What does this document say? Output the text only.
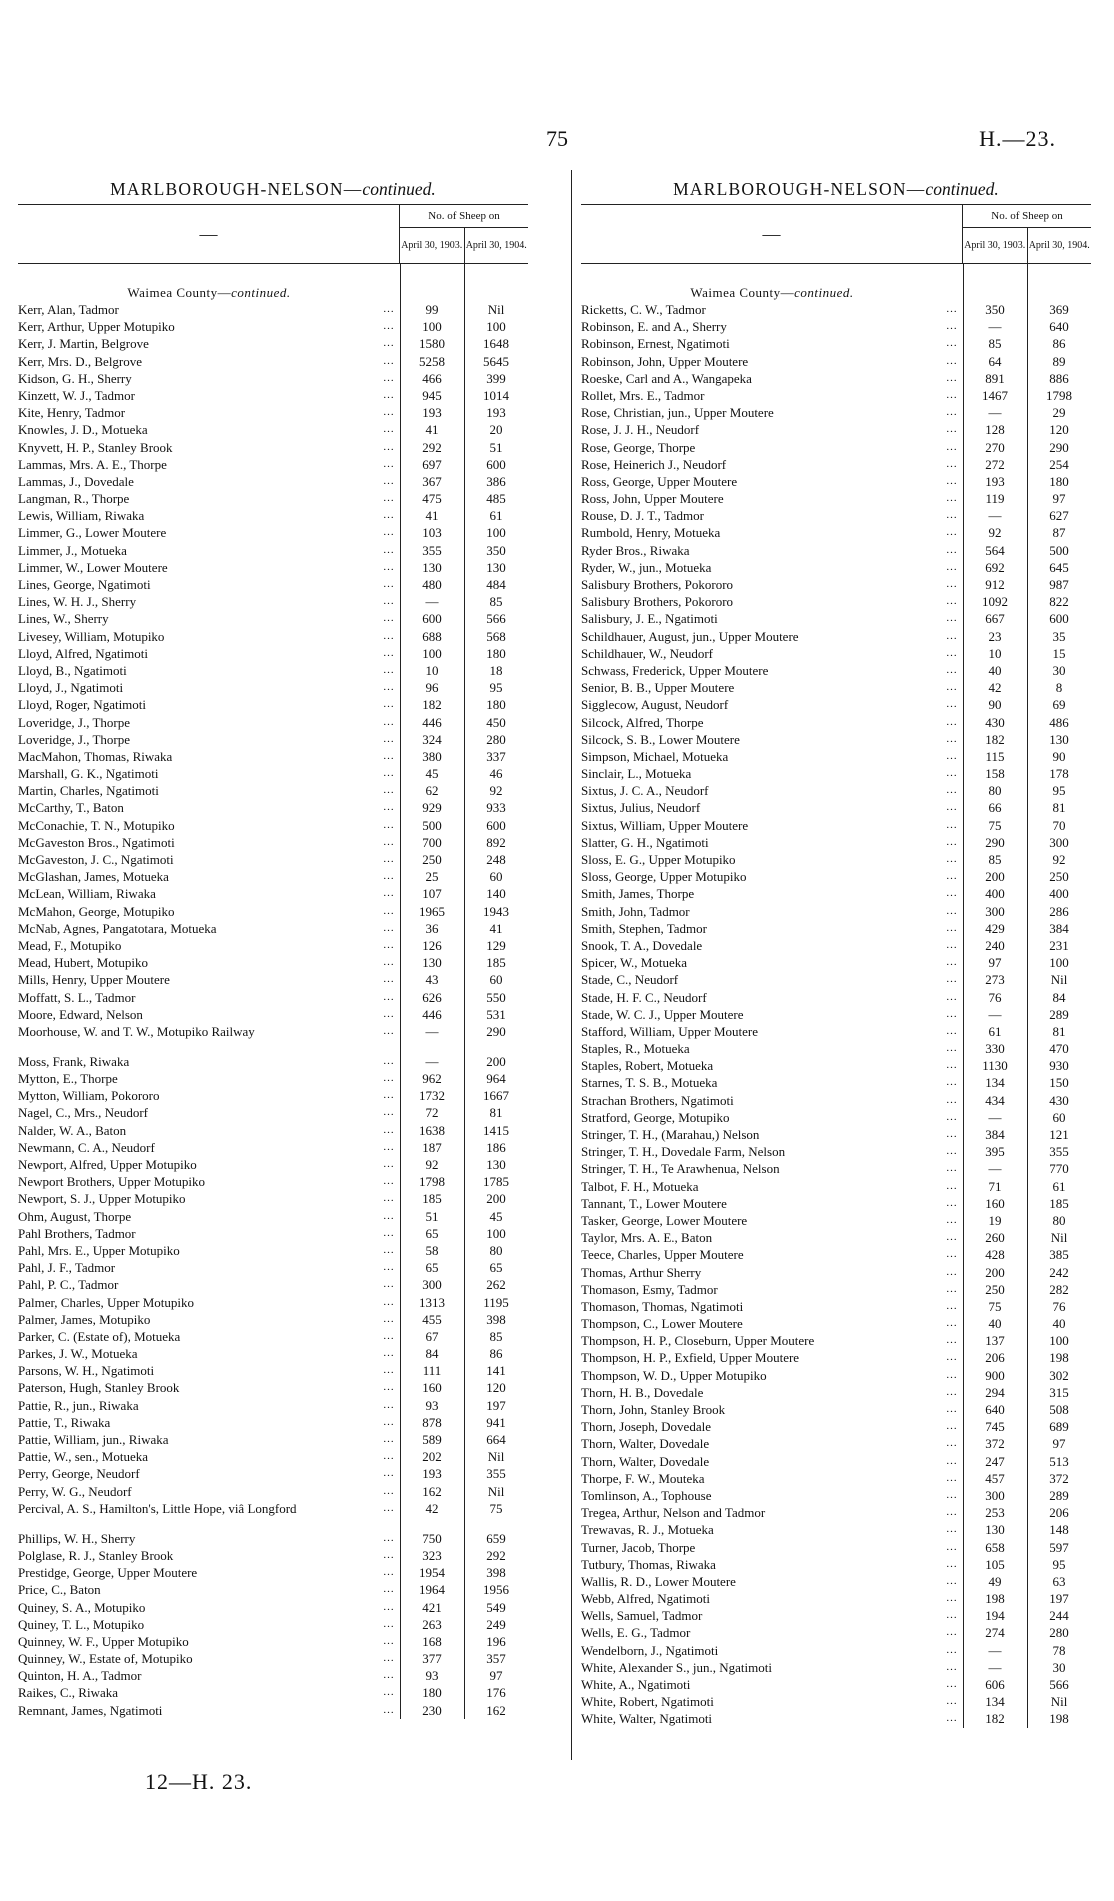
75	H.—23.
MARLBOROUGH-NELSON—continued.
—
No. of Sheep on
April 30, 1903. April 30, 1904.
Waimea County—continued.
Kerr, Alan, Tadmor	...	99	Nil
Kerr, Arthur, Upper Motupiko	...	100	100
Kerr, J. Martin, Belgrove	...	1580	1648
Kerr, Mrs. D., Belgrove	...	5258	5645
Kidson, G. H., Sherry	...	466	399
Kinzett, W. J., Tadmor	...	945	1014
Kite, Henry, Tadmor	...	193	193
Knowles, J. D., Motueka	...	41	20
Knyvett, H. P., Stanley Brook	...	292	51
Lammas, Mrs. A. E., Thorpe	...	697	600
Lammas, J., Dovedale	...	367	386
Langman, R., Thorpe	...	475	485
Lewis, William, Riwaka	...	41	61
Limmer, G., Lower Moutere	...	103	100
Limmer, J., Motueka	...	355	350
Limmer, W., Lower Moutere	...	130	130
Lines, George, Ngatimoti	...	480	484
Lines, W. H. J., Sherry	...	—	85
Lines, W., Sherry	...	600	566
Livesey, William, Motupiko	...	688	568
Lloyd, Alfred, Ngatimoti	...	100	180
Lloyd, B., Ngatimoti	...	10	18
Lloyd, J., Ngatimoti	...	96	95
Lloyd, Roger, Ngatimoti	...	182	180
Loveridge, J., Thorpe	...	446	450
Loveridge, J., Thorpe	...	324	280
MacMahon, Thomas, Riwaka	...	380	337
Marshall, G. K., Ngatimoti	...	45	46
Martin, Charles, Ngatimoti	...	62	92
McCarthy, T., Baton	...	929	933
McConachie, T. N., Motupiko	...	500	600
McGaveston Bros., Ngatimoti	...	700	892
McGaveston, J. C., Ngatimoti	...	250	248
McGlashan, James, Motueka	...	25	60
McLean, William, Riwaka	...	107	140
McMahon, George, Motupiko	...	1965	1943
McNab, Agnes, Pangatotara, Motueka	...	36	41
Mead, F., Motupiko	...	126	129
Mead, Hubert, Motupiko	...	130	185
Mills, Henry, Upper Moutere	...	43	60
Moffatt, S. L., Tadmor	...	626	550
Moore, Edward, Nelson	...	446	531
Moorhouse, W. and T. W., Motupiko Railway	...	—	290
Moss, Frank, Riwaka	...	—	200
Mytton, E., Thorpe	...	962	964
Mytton, William, Pokororo	...	1732	1667
Nagel, C., Mrs., Neudorf	...	72	81
Nalder, W. A., Baton	...	1638	1415
Newmann, C. A., Neudorf	...	187	186
Newport, Alfred, Upper Motupiko	...	92	130
Newport Brothers, Upper Motupiko	...	1798	1785
Newport, S. J., Upper Motupiko	...	185	200
Ohm, August, Thorpe	...	51	45
Pahl Brothers, Tadmor	...	65	100
Pahl, Mrs. E., Upper Motupiko	...	58	80
Pahl, J. F., Tadmor	...	65	65
Pahl, P. C., Tadmor	...	300	262
Palmer, Charles, Upper Motupiko	...	1313	1195
Palmer, James, Motupiko	...	455	398
Parker, C. (Estate of), Motueka	...	67	85
Parkes, J. W., Motueka	...	84	86
Parsons, W. H., Ngatimoti	...	111	141
Paterson, Hugh, Stanley Brook	...	160	120
Pattie, R., jun., Riwaka	...	93	197
Pattie, T., Riwaka	...	878	941
Pattie, William, jun., Riwaka	...	589	664
Pattie, W., sen., Motueka	...	202	Nil
Perry, George, Neudorf	...	193	355
Perry, W. G., Neudorf	...	162	Nil
Percival, A. S., Hamilton's, Little Hope, viâ Longford	...	42	75
Phillips, W. H., Sherry	...	750	659
Polglase, R. J., Stanley Brook	...	323	292
Prestidge, George, Upper Moutere	...	1954	398
Price, C., Baton	...	1964	1956
Quiney, S. A., Motupiko	...	421	549
Quiney, T. L., Motupiko	...	263	249
Quinney, W. F., Upper Motupiko	...	168	196
Quinney, W., Estate of, Motupiko	...	377	357
Quinton, H. A., Tadmor	...	93	97
Raikes, C., Riwaka	...	180	176
Remnant, James, Ngatimoti	...	230	162
MARLBOROUGH-NELSON—continued.
—
No. of Sheep on
April 30, 1903. April 30, 1904.
Waimea County—continued.
Ricketts, C. W., Tadmor	...	350	369
Robinson, E. and A., Sherry	...	—	640
Robinson, Ernest, Ngatimoti	...	85	86
Robinson, John, Upper Moutere	...	64	89
Roeske, Carl and A., Wangapeka	...	891	886
Rollet, Mrs. E., Tadmor	...	1467	1798
Rose, Christian, jun., Upper Moutere	...	—	29
Rose, J. J. H., Neudorf	...	128	120
Rose, George, Thorpe	...	270	290
Rose, Heinerich J., Neudorf	...	272	254
Ross, George, Upper Moutere	...	193	180
Ross, John, Upper Moutere	...	119	97
Rouse, D. J. T., Tadmor	...	—	627
Rumbold, Henry, Motueka	...	92	87
Ryder Bros., Riwaka	...	564	500
Ryder, W., jun., Motueka	...	692	645
Salisbury Brothers, Pokororo	...	912	987
Salisbury Brothers, Pokororo	...	1092	822
Salisbury, J. E., Ngatimoti	...	667	600
Schildhauer, August, jun., Upper Moutere	...	23	35
Schildhauer, W., Neudorf	...	10	15
Schwass, Frederick, Upper Moutere	...	40	30
Senior, B. B., Upper Moutere	...	42	8
Sigglecow, August, Neudorf	...	90	69
Silcock, Alfred, Thorpe	...	430	486
Silcock, S. B., Lower Moutere	...	182	130
Simpson, Michael, Motueka	...	115	90
Sinclair, L., Motueka	...	158	178
Sixtus, J. C. A., Neudorf	...	80	95
Sixtus, Julius, Neudorf	...	66	81
Sixtus, William, Upper Moutere	...	75	70
Slatter, G. H., Ngatimoti	...	290	300
Sloss, E. G., Upper Motupiko	...	85	92
Sloss, George, Upper Motupiko	...	200	250
Smith, James, Thorpe	...	400	400
Smith, John, Tadmor	...	300	286
Smith, Stephen, Tadmor	...	429	384
Snook, T. A., Dovedale	...	240	231
Spicer, W., Motueka	...	97	100
Stade, C., Neudorf	...	273	Nil
Stade, H. F. C., Neudorf	...	76	84
Stade, W. C. J., Upper Moutere	...	—	289
Stafford, William, Upper Moutere	...	61	81
Staples, R., Motueka	...	330	470
Staples, Robert, Motueka	...	1130	930
Starnes, T. S. B., Motueka	...	134	150
Strachan Brothers, Ngatimoti	...	434	430
Stratford, George, Motupiko	...	—	60
Stringer, T. H., (Marahau,) Nelson	...	384	121
Stringer, T. H., Dovedale Farm, Nelson	...	395	355
Stringer, T. H., Te Arawhenua, Nelson	...	—	770
Talbot, F. H., Motueka	...	71	61
Tannant, T., Lower Moutere	...	160	185
Tasker, George, Lower Moutere	...	19	80
Taylor, Mrs. A. E., Baton	...	260	Nil
Teece, Charles, Upper Moutere	...	428	385
Thomas, Arthur Sherry	...	200	242
Thomason, Esmy, Tadmor	...	250	282
Thomason, Thomas, Ngatimoti	...	75	76
Thompson, C., Lower Moutere	...	40	40
Thompson, H. P., Closeburn, Upper Moutere	...	137	100
Thompson, H. P., Exfield, Upper Moutere	...	206	198
Thompson, W. D., Upper Motupiko	...	900	302
Thorn, H. B., Dovedale	...	294	315
Thorn, John, Stanley Brook	...	640	508
Thorn, Joseph, Dovedale	...	745	689
Thorn, Walter, Dovedale	...	372	97
Thorn, Walter, Dovedale	...	247	513
Thorpe, F. W., Mouteka	...	457	372
Tomlinson, A., Tophouse	...	300	289
Tregea, Arthur, Nelson and Tadmor	...	253	206
Trewavas, R. J., Motueka	...	130	148
Turner, Jacob, Thorpe	...	658	597
Tutbury, Thomas, Riwaka	...	105	95
Wallis, R. D., Lower Moutere	...	49	63
Webb, Alfred, Ngatimoti	...	198	197
Wells, Samuel, Tadmor	...	194	244
Wells, E. G., Tadmor	...	274	280
Wendelborn, J., Ngatimoti	...	—	78
White, Alexander S., jun., Ngatimoti	...	—	30
White, A., Ngatimoti	...	606	566
White, Robert, Ngatimoti	...	134	Nil
White, Walter, Ngatimoti	...	182	198
12—H. 23.
